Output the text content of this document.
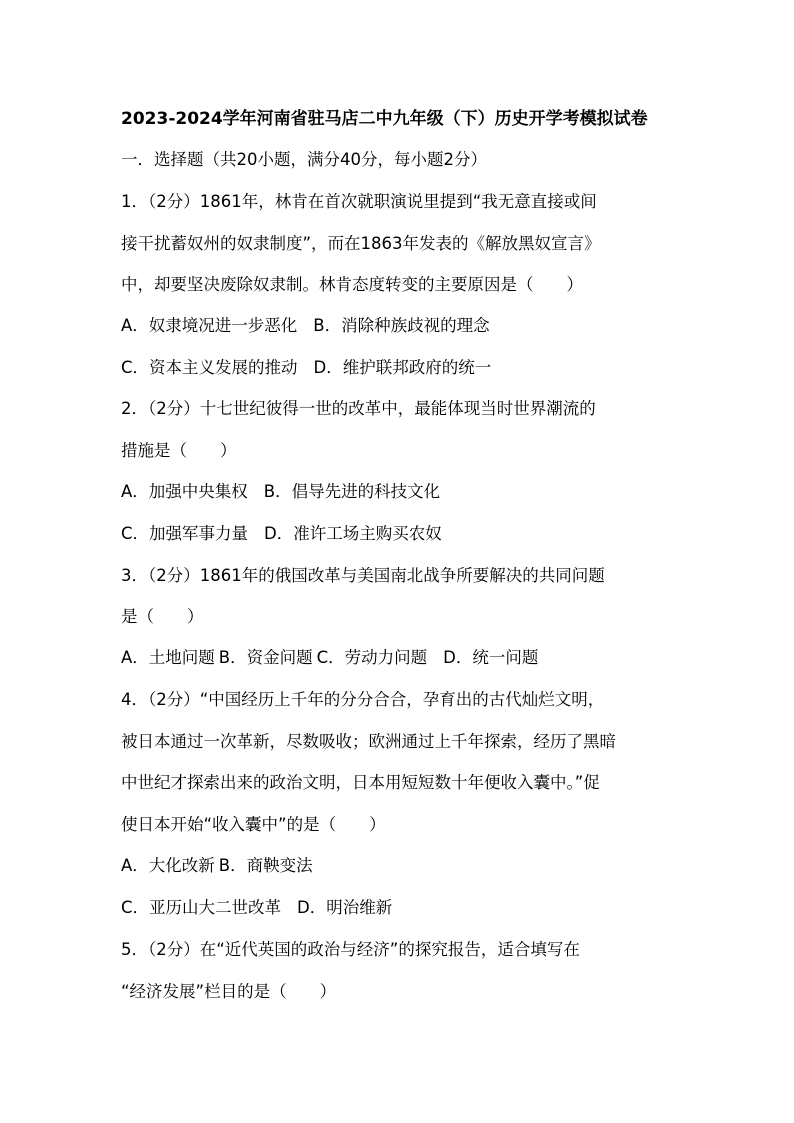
2023-2024学年河南省驻马店二中九年级（下）历史开学考模拟试卷
一．选择题（共20小题，满分40分，每小题2分）
1．（2分）1861年，林肯在首次就职演说里提到“我无意直接或间
接干扰蓄奴州的奴隶制度”，而在1863年发表的《解放黑奴宣言》
中，却要坚决废除奴隶制。林肯态度转变的主要原因是（　　）
A．奴隶境况进一步恶化 B．消除种族歧视的理念
C．资本主义发展的推动 D．维护联邦政府的统一
2．（2分）十七世纪彼得一世的改革中，最能体现当时世界潮流的
措施是（　　）
A．加强中央集权 B．倡导先进的科技文化
C．加强军事力量 D．准许工场主购买农奴
3．（2分）1861年的俄国改革与美国南北战争所要解决的共同问题
是（　　）
A．土地问题 B．资金问题 C．劳动力问题 D．统一问题
4．（2分）“中国经历上千年的分分合合，孕育出的古代灿烂文明，
被日本通过一次革新，尽数吸收；欧洲通过上千年探索，经历了黑暗
中世纪才探索出来的政治文明，日本用短短数十年便收入囊中。”促
使日本开始“收入囊中”的是（　　）
A．大化改新 B．商鞅变法
C．亚历山大二世改革 D．明治维新
5．（2分）在“近代英国的政治与经济”的探究报告，适合填写在
“经济发展”栏目的是（　　）
